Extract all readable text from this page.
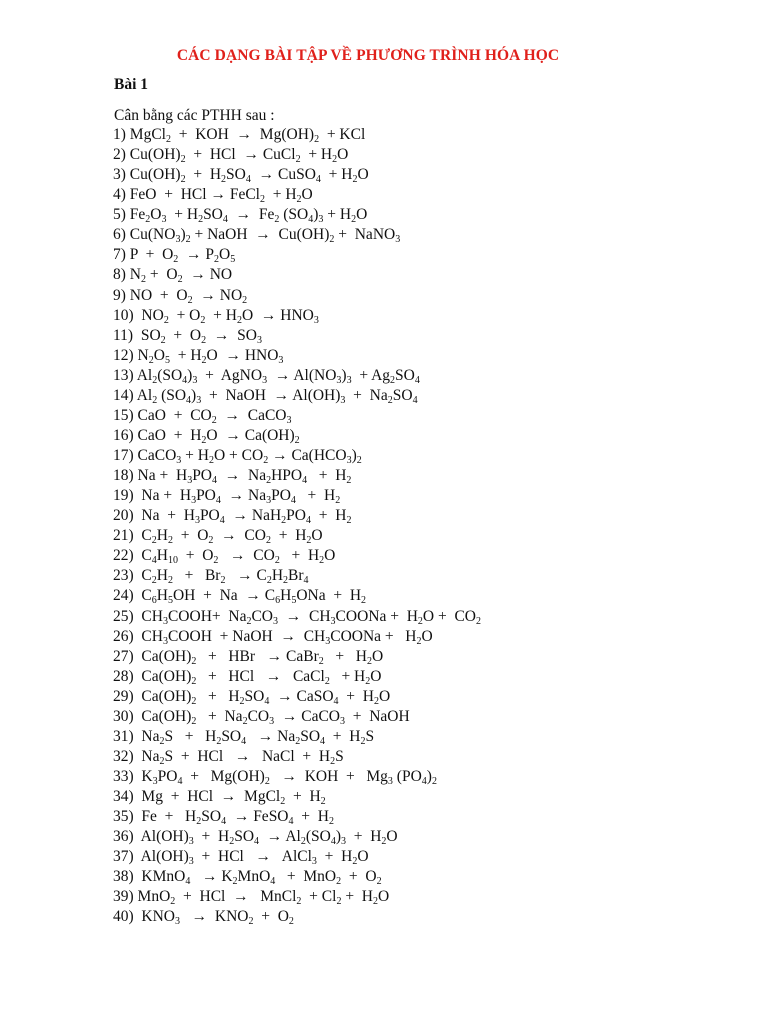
CÁC DẠNG BÀI TẬP VỀ PHƯƠNG TRÌNH HÓA HỌC
Bài 1
Cân bằng các PTHH sau :
1) MgCl$_2$  +  KOH  →  $Mg(OH)_2$  + KCl
2) $Cu(OH)_2$  +  HCl  → CuCl$_2$  + $H_2O$
3) $Cu(OH)_2 + H_2SO_4$  → CuSO$_4$  + $H_2O$
4) FeO  +  HCl → FeCl$_2$  + $H_2O$
5) $Fe_2O_3 + H_2SO_4 \to Fe_2$ $(SO_4)_3 + H_2O$
6) $Cu(NO_3)_2$ + NaOH  →  $Cu(OH)_2$ +  NaNO$_3$
7) $P + O_2 \to P_2O_5$
8) $N_2 + O_2$  → NO
9) NO  +  $O_2 \to NO_2$
10)  $NO_2 + O_2 + H_2O \to HNO_3$
11)  $SO_2 + O_2 \to SO_3$
12) $N_2O_5 + H_2O \to HNO_3$
13) $Al_2(SO_4)_3$  +  AgNO$_3$  → $Al(NO_3)_3 + Ag_2SO_4$
14) $Al_2$ $(SO_4)_3$  +  NaOH  → $Al(OH)_3 + Na_2SO_4$
15) CaO  +  $CO_2$  →  CaCO$_3$
16) CaO  +  $H_2O \to Ca(OH)_2$
17) CaCO$_3$ + $H_2O + CO_2 \to Ca(HCO_3)_2$
18) $Na + H_3PO_4 \to Na_2HPO_4 + H_2$
19)  $Na + H_3PO_4 \to Na_3PO_4 + H_2$
20)  $Na + H_3PO_4 \to NaH_2PO_4 + H_2$
21)  $C_2H_2 + O_2 \to CO_2 + H_2O$
22)  $C_4H_{10} + O_2 \to CO_2 + H_2O$
23)  $C_2H_2 + Br_2 \to C_2H_2Br_4$
24)  $C_6H_5OH + Na \to C_6H_5ONa + H_2$
25)  $CH_3COOH+ Na_2CO_3$  →  $CH_3COONa + H_2O + CO_2$
26)  $CH_3COOH$  + NaOH  →  $CH_3COONa + H_2O$
27)  $Ca(OH)_2$   +   HBr   → CaBr$_2$   +   $H_2O$
28)  $Ca(OH)_2$   +   HCl   →   CaCl$_2$   + $H_2O$
29)  $Ca(OH)_2 + H_2SO_4$  → CaSO$_4$  +  $H_2O$
30)  $Ca(OH)_2 + Na_2CO_3$  → CaCO$_3$  +  NaOH
31)  $Na_2S + H_2SO_4 \to Na_2SO_4 + H_2S$
32)  $Na_2S$  +  HCl   →   NaCl  +  $H_2S$
33)  $K_3PO_4 + Mg(OH)_2$   →  KOH  +   $Mg_3$ $(PO_4)_2$
34)  Mg  +  HCl  →  MgCl$_2$  +  $H_2$
35)  $Fe + H_2SO_4$  → FeSO$_4$  +  $H_2$
36)  $Al(OH)_3 + H_2SO_4 \to Al_2(SO_4)_3 + H_2O$
37)  $Al(OH)_3$  +  HCl   →   AlCl$_3$  +  $H_2O$
38)  KMnO$_4$   → $K_2MnO_4 + MnO_2 + O_2$
39) MnO$_2$  +  HCl  →   MnCl$_2$  + $Cl_2 + H_2O$
40)  $KNO_3 \to KNO_2 + O_2$
